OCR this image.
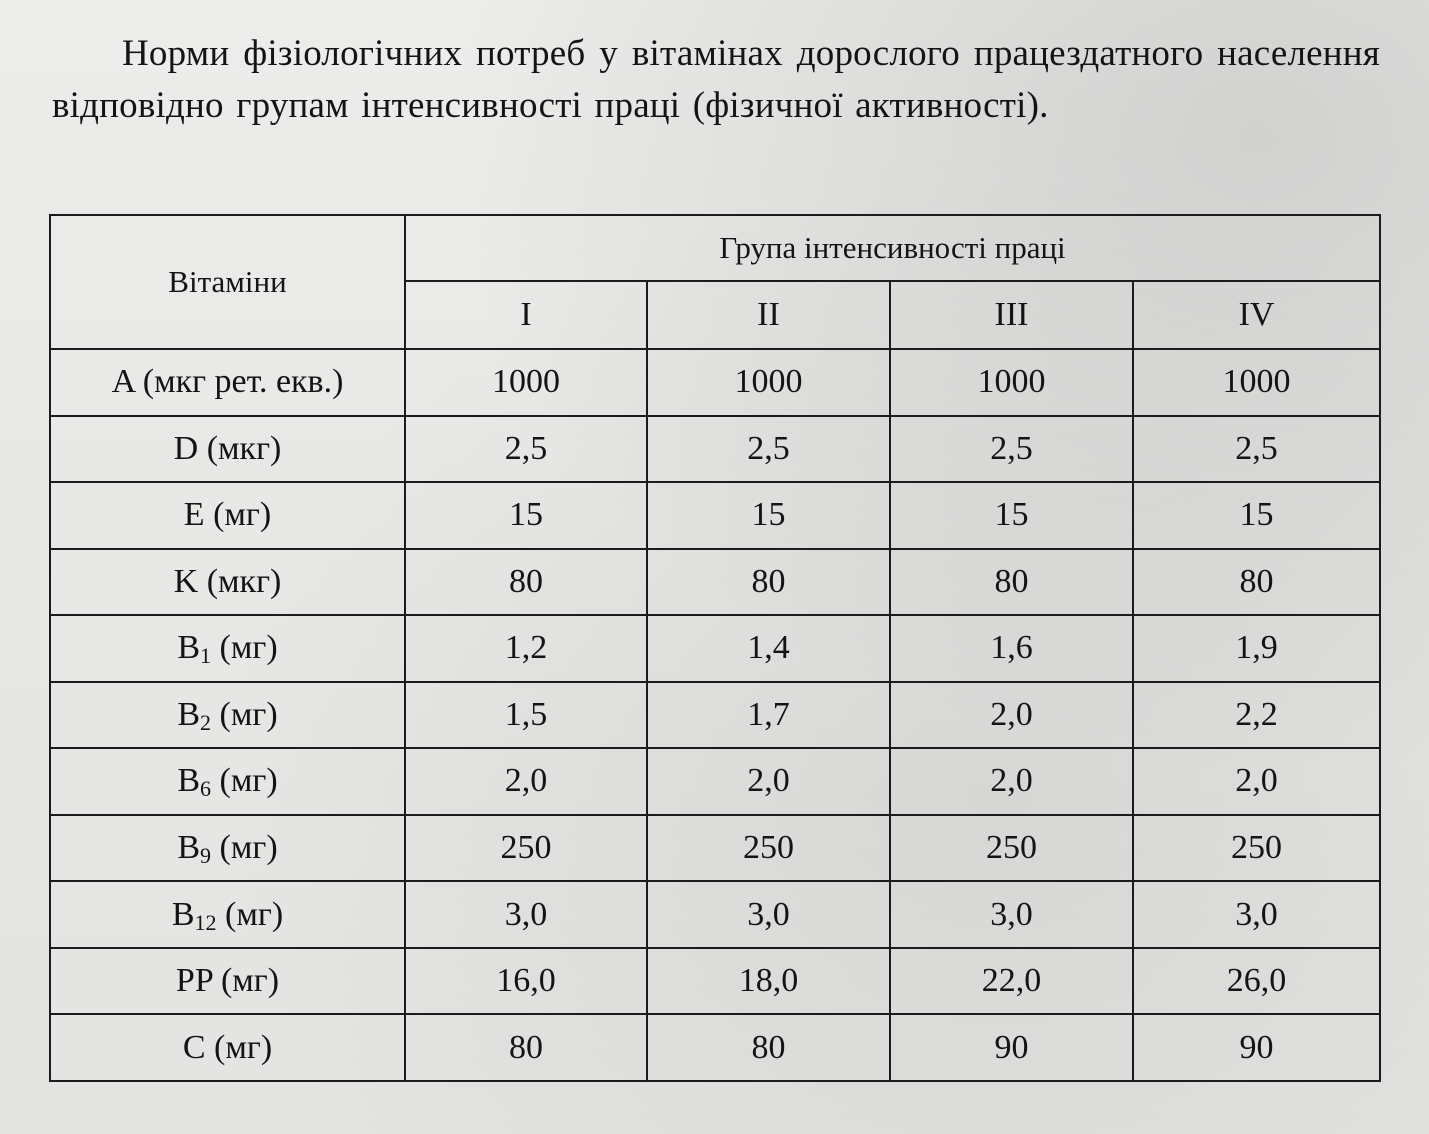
Норми фізіологічних потреб у вітамінах дорослого працездатного населення відповідно групам інтенсивності праці (фізичної активності).

Вітаміни	Група інтенсивності праці			
	I	II	III	IV
A (мкг рет. екв.)	1000	1000	1000	1000
D (мкг)	2,5	2,5	2,5	2,5
E (мг)	15	15	15	15
K (мкг)	80	80	80	80
$B_1$ (мг)	1,2	1,4	1,6	1,9
$B_2$ (мг)	1,5	1,7	2,0	2,2
$B_6$ (мг)	2,0	2,0	2,0	2,0
$B_9$ (мг)	250	250	250	250
$B_{12}$ (мг)	3,0	3,0	3,0	3,0
PP (мг)	16,0	18,0	22,0	26,0
C (мг)	80	80	90	90
